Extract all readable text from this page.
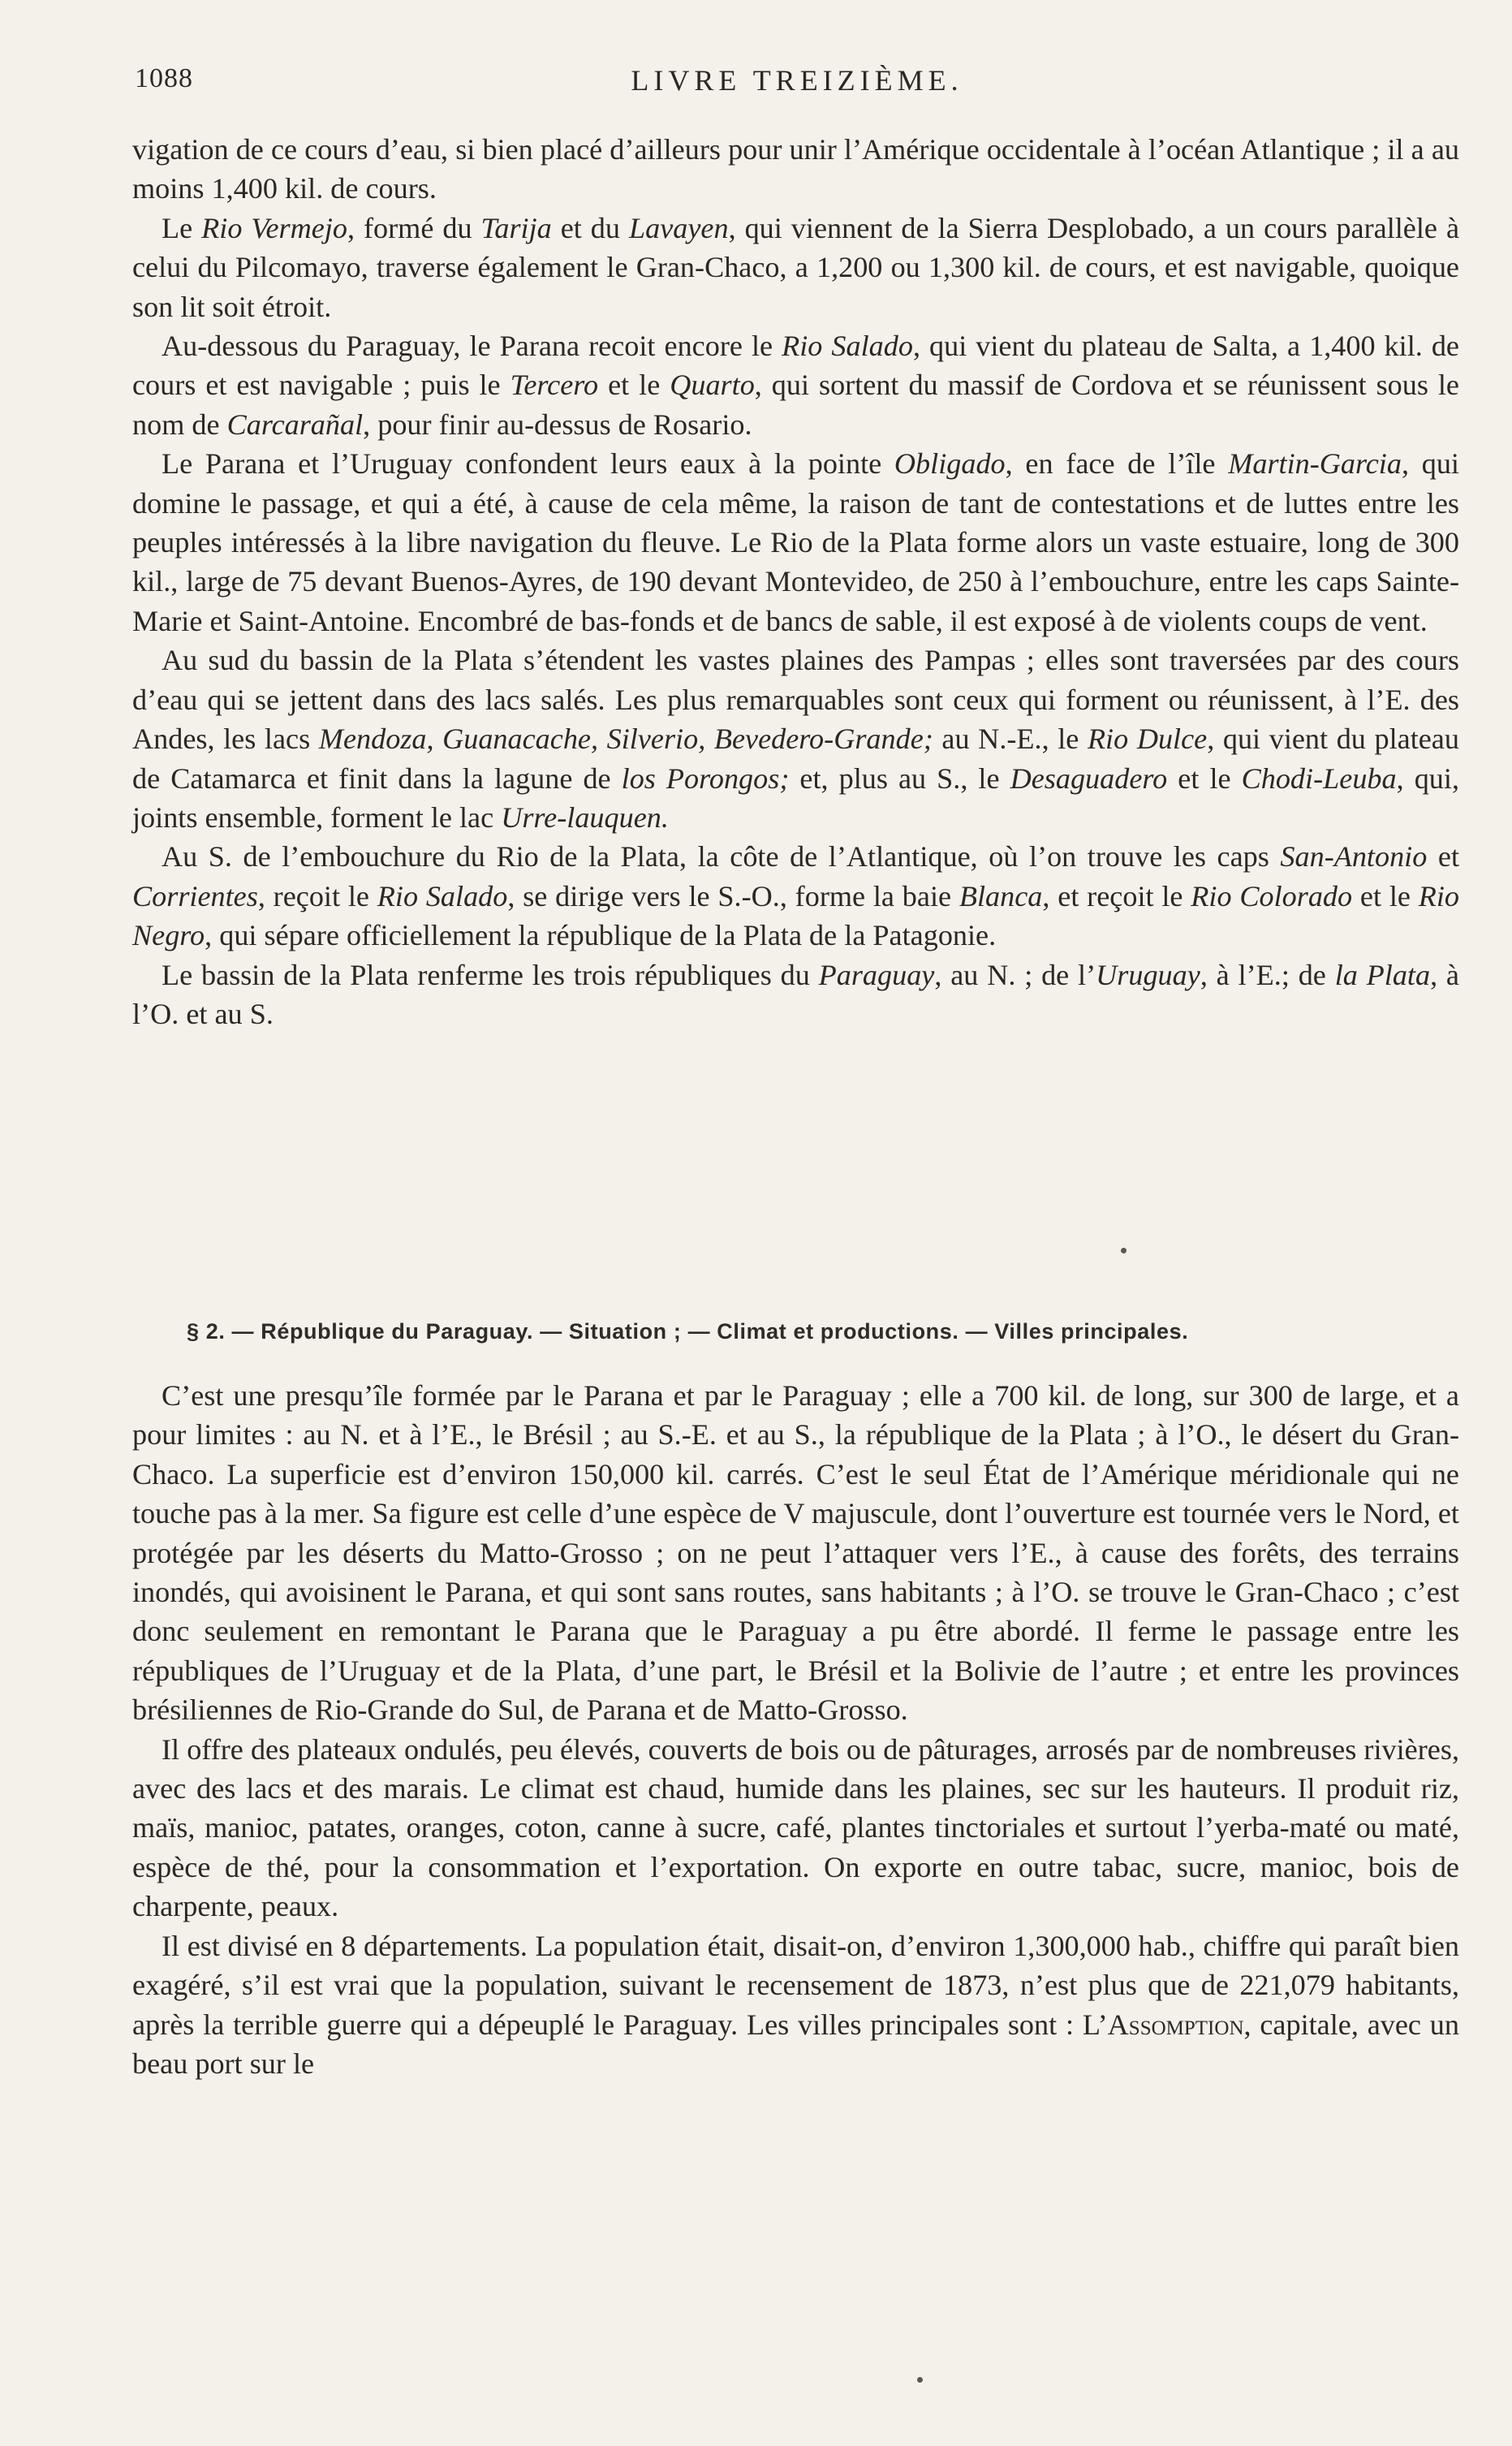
1088	LIVRE TREIZIÈME.

vigation de ce cours d’eau, si bien placé d’ailleurs pour unir l’Amérique occidentale à l’océan Atlantique ; il a au moins 1,400 kil. de cours.

Le Rio Vermejo, formé du Tarija et du Lavayen, qui viennent de la Sierra Desplobado, a un cours parallèle à celui du Pilcomayo, traverse également le Gran-Chaco, a 1,200 ou 1,300 kil. de cours, et est navigable, quoique son lit soit étroit.

Au-dessous du Paraguay, le Parana recoit encore le Rio Salado, qui vient du plateau de Salta, a 1,400 kil. de cours et est navigable ; puis le Tercero et le Quarto, qui sortent du massif de Cordova et se réunissent sous le nom de Carcarañal, pour finir au-dessus de Rosario.

Le Parana et l’Uruguay confondent leurs eaux à la pointe Obligado, en face de l’île Martin-Garcia, qui domine le passage, et qui a été, à cause de cela même, la raison de tant de contestations et de luttes entre les peuples intéressés à la libre navigation du fleuve. Le Rio de la Plata forme alors un vaste estuaire, long de 300 kil., large de 75 devant Buenos-Ayres, de 190 devant Montevideo, de 250 à l’embouchure, entre les caps Sainte-Marie et Saint-Antoine. Encombré de bas-fonds et de bancs de sable, il est exposé à de violents coups de vent.

Au sud du bassin de la Plata s’étendent les vastes plaines des Pampas ; elles sont traversées par des cours d’eau qui se jettent dans des lacs salés. Les plus remarquables sont ceux qui forment ou réunissent, à l’E. des Andes, les lacs Mendoza, Guanacache, Silverio, Bevedero-Grande; au N.-E., le Rio Dulce, qui vient du plateau de Catamarca et finit dans la lagune de los Porongos; et, plus au S., le Desaguadero et le Chodi-Leuba, qui, joints ensemble, forment le lac Urre-lauquen.

Au S. de l’embouchure du Rio de la Plata, la côte de l’Atlantique, où l’on trouve les caps San-Antonio et Corrientes, reçoit le Rio Salado, se dirige vers le S.-O., forme la baie Blanca, et reçoit le Rio Colorado et le Rio Negro, qui sépare officiellement la république de la Plata de la Patagonie.

Le bassin de la Plata renferme les trois républiques du Paraguay, au N. ; de l’Uruguay, à l’E.; de la Plata, à l’O. et au S.

§ 2. — République du Paraguay. — Situation ; — Climat et productions. — Villes principales.

C’est une presqu’île formée par le Parana et par le Paraguay ; elle a 700 kil. de long, sur 300 de large, et a pour limites : au N. et à l’E., le Brésil ; au S.-E. et au S., la république de la Plata ; à l’O., le désert du Gran-Chaco. La superficie est d’environ 150,000 kil. carrés. C’est le seul État de l’Amérique méridionale qui ne touche pas à la mer. Sa figure est celle d’une espèce de V majuscule, dont l’ouverture est tournée vers le Nord, et protégée par les déserts du Matto-Grosso ; on ne peut l’attaquer vers l’E., à cause des forêts, des terrains inondés, qui avoisinent le Parana, et qui sont sans routes, sans habitants ; à l’O. se trouve le Gran-Chaco ; c’est donc seulement en remontant le Parana que le Paraguay a pu être abordé. Il ferme le passage entre les républiques de l’Uruguay et de la Plata, d’une part, le Brésil et la Bolivie de l’autre ; et entre les provinces brésiliennes de Rio-Grande do Sul, de Parana et de Matto-Grosso.

Il offre des plateaux ondulés, peu élevés, couverts de bois ou de pâturages, arrosés par de nombreuses rivières, avec des lacs et des marais. Le climat est chaud, humide dans les plaines, sec sur les hauteurs. Il produit riz, maïs, manioc, patates, oranges, coton, canne à sucre, café, plantes tinctoriales et surtout l’yerba-maté ou maté, espèce de thé, pour la consommation et l’exportation. On exporte en outre tabac, sucre, manioc, bois de charpente, peaux.

Il est divisé en 8 départements. La population était, disait-on, d’environ 1,300,000 hab., chiffre qui paraît bien exagéré, s’il est vrai que la population, suivant le recensement de 1873, n’est plus que de 221,079 habitants, après la terrible guerre qui a dépeuplé le Paraguay. Les villes principales sont : L’Assomption, capitale, avec un beau port sur le
